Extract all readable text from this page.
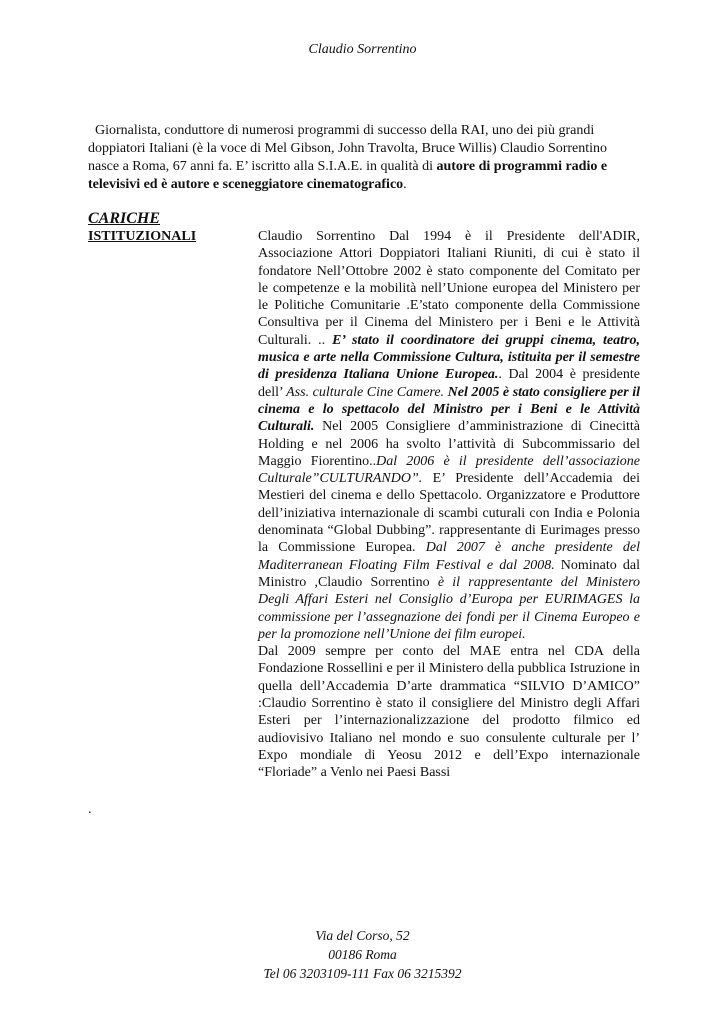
Claudio Sorrentino

Giornalista, conduttore di numerosi programmi di successo della RAI, uno dei più grandi doppiatori Italiani (è la voce di Mel Gibson, John Travolta, Bruce Willis) Claudio Sorrentino nasce a Roma, 67 anni fa. E’ iscritto alla S.I.A.E. in qualità di autore di programmi radio e televisivi ed è autore e sceneggiatore cinematografico.

CARICHE
ISTITUZIONALI	Claudio Sorrentino Dal 1994 è il Presidente dell'ADIR, Associazione Attori Doppiatori Italiani Riuniti, di cui è stato il fondatore Nell’Ottobre 2002 è stato componente del Comitato per le competenze e la mobilità nell’Unione europea del Ministero per le Politiche Comunitarie .E’stato componente della Commissione Consultiva per il Cinema del Ministero per i Beni e le Attività Culturali. .. E’ stato il coordinatore dei gruppi cinema, teatro, musica e arte nella Commissione Cultura, istituita per il semestre di presidenza Italiana Unione Europea.. Dal 2004 è presidente dell’ Ass. culturale Cine Camere. Nel 2005 è stato consigliere per il cinema e lo spettacolo del Ministro per i Beni e le Attività Culturali. Nel 2005 Consigliere d’amministrazione di Cinecittà Holding e nel 2006 ha svolto l’attività di Subcommissario del Maggio Fiorentino..Dal 2006 è il presidente dell’associazione Culturale”CULTURANDO”. E’ Presidente dell’Accademia dei Mestieri del cinema e dello Spettacolo. Organizzatore e Produttore dell’iniziativa internazionale di scambi cuturali con India e Polonia denominata “Global Dubbing”. rappresentante di Eurimages presso la Commissione Europea. Dal 2007 è anche presidente del Maditerranean Floating Film Festival e dal 2008. Nominato dal Ministro ,Claudio Sorrentino è il rappresentante del Ministero Degli Affari Esteri nel Consiglio d’Europa per EURIMAGES la commissione per l’assegnazione dei fondi per il Cinema Europeo e per la promozione nell’Unione dei film europei.
Dal 2009 sempre per conto del MAE entra nel CDA della Fondazione Rossellini e per il Ministero della pubblica Istruzione in quella dell’Accademia D’arte drammatica “SILVIO D’AMICO” :Claudio Sorrentino è stato il consigliere del Ministro degli Affari Esteri per l’internazionalizzazione del prodotto filmico ed audiovisivo Italiano nel mondo e suo consulente culturale per l’ Expo mondiale di Yeosu 2012 e dell’Expo internazionale “Floriade” a Venlo nei Paesi Bassi

.
Via del Corso, 52
00186 Roma
Tel 06 3203109-111 Fax 06 3215392
